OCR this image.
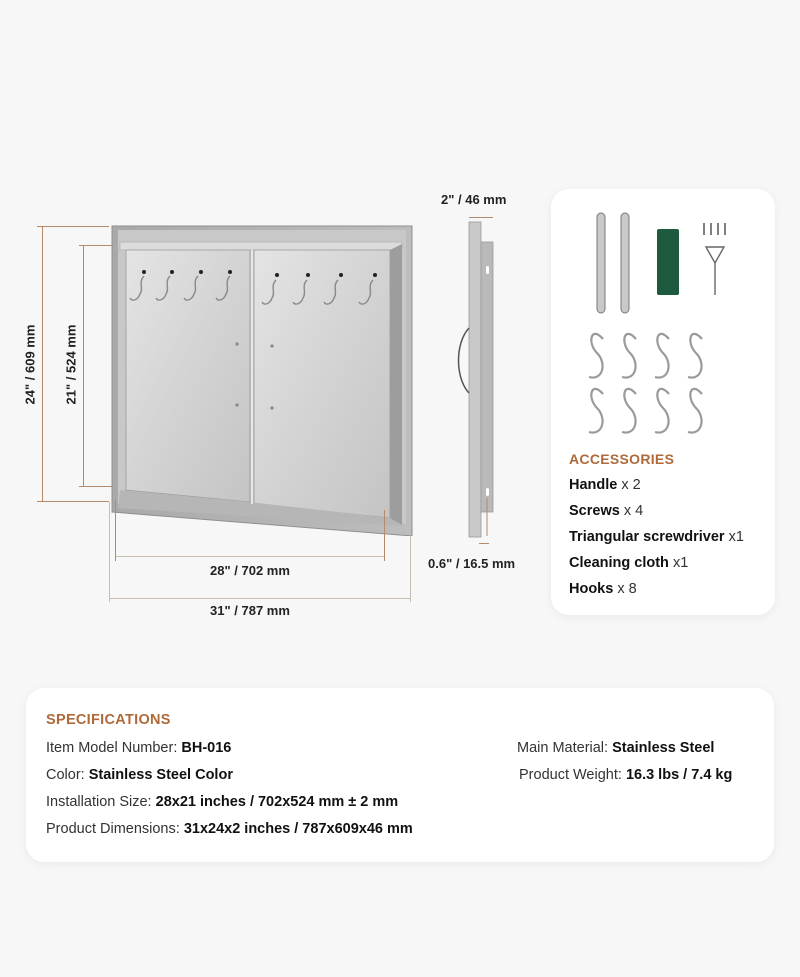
24" / 609 mm 21" / 524 mm
28" / 702 mm
31" / 787 mm
2" / 46 mm
0.6" / 16.5 mm
ACCESSORIES
Handle x 2
Screws x 4
Triangular screwdriver x1
Cleaning cloth x1
Hooks x 8
SPECIFICATIONS
Item Model Number: BH-016
Color: Stainless Steel Color
Installation Size: 28x21 inches / 702x524 mm ± 2 mm
Product Dimensions: 31x24x2 inches / 787x609x46 mm
Main Material: Stainless Steel
Product Weight: 16.3 lbs / 7.4 kg
